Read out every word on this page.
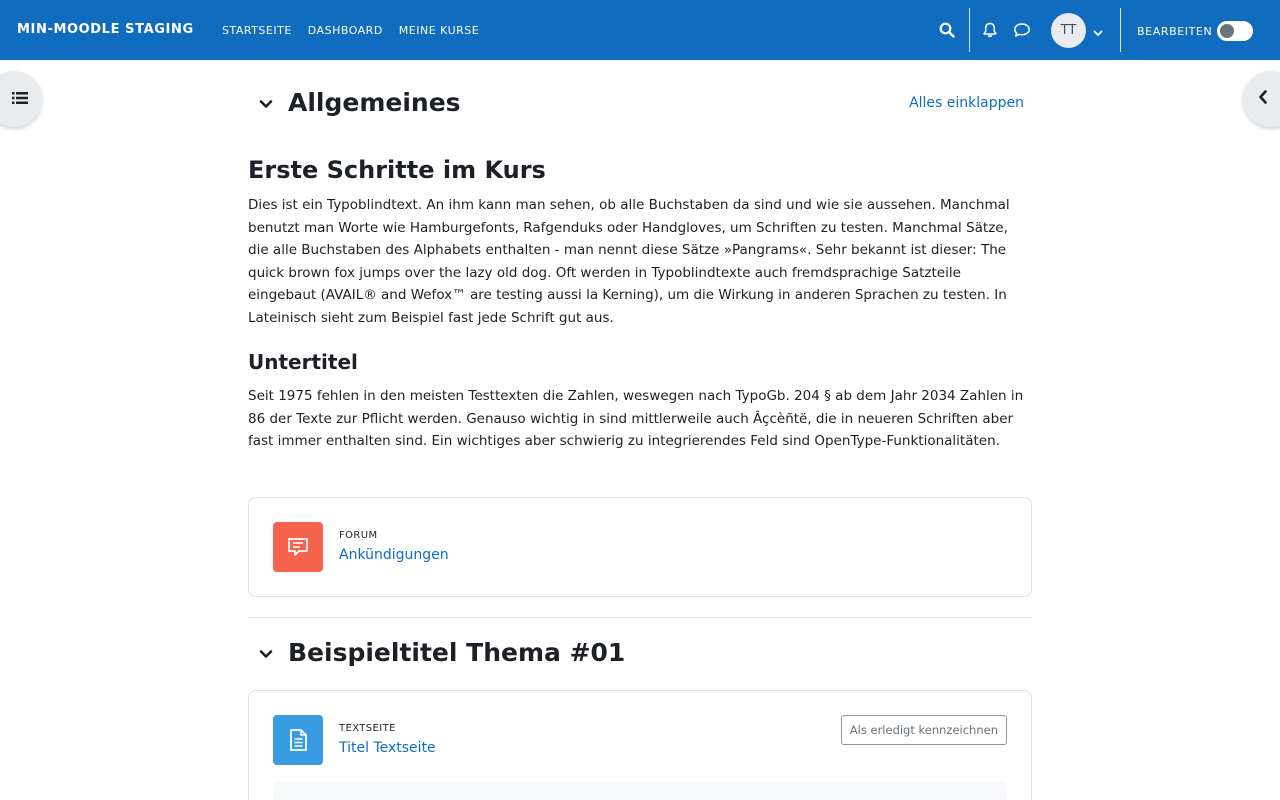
MIN-MOODLE STAGING	STARTSEITE DASHBOARD MEINE KURSE	TT	BEARBEITEN
Allgemeines	Alles einklappen
Erste Schritte im Kurs

Dies ist ein Typoblindtext. An ihm kann man sehen, ob alle Buchstaben da sind und wie sie aussehen. Manchmal benutzt man Worte wie Hamburgefonts, Rafgenduks oder Handgloves, um Schriften zu testen. Manchmal Sätze, die alle Buchstaben des Alphabets enthalten - man nennt diese Sätze »Pangrams«. Sehr bekannt ist dieser: The quick brown fox jumps over the lazy old dog. Oft werden in Typoblindtexte auch fremdsprachige Satzteile eingebaut (AVAIL® and Wefox™ are testing aussi la Kerning), um die Wirkung in anderen Sprachen zu testen. In Lateinisch sieht zum Beispiel fast jede Schrift gut aus.

Untertitel

Seit 1975 fehlen in den meisten Testtexten die Zahlen, weswegen nach TypoGb. 204 § ab dem Jahr 2034 Zahlen in 86 der Texte zur Pflicht werden. Genauso wichtig in sind mittlerweile auch Âçcèñtë, die in neueren Schriften aber fast immer enthalten sind. Ein wichtiges aber schwierig zu integrierendes Feld sind OpenType-Funktionalitäten.

FORUM
Ankündigungen
Beispieltitel Thema #01
TEXTSEITE
Titel Textseite
Als erledigt kennzeichnen
